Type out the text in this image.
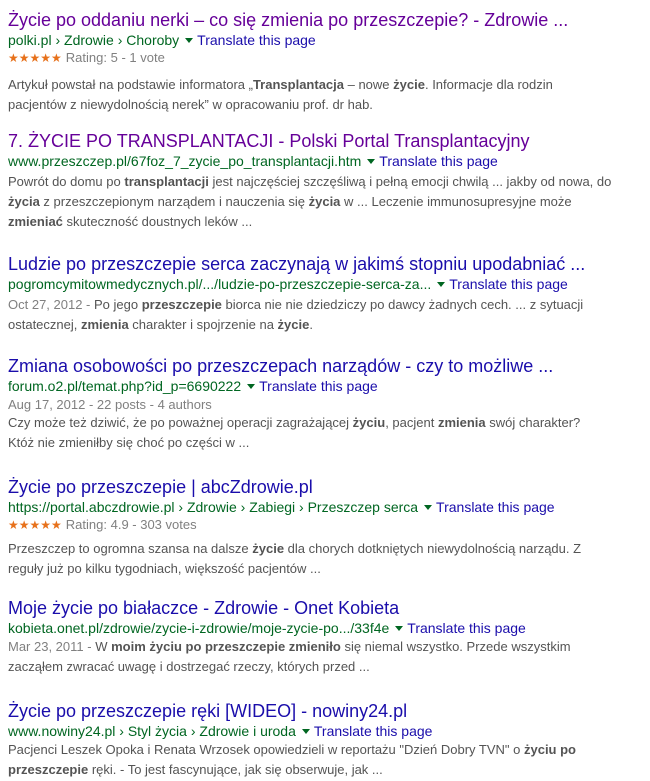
Życie po oddaniu nerki – co się zmienia po przeszczepie? - Zdrowie ...
polki.pl › Zdrowie › Choroby Translate this page
★★★★★ Rating: 5 - 1 vote
Artykuł powstał na podstawie informatora „Transplantacja – nowe życie. Informacje dla rodzin pacjentów z niewydolnością nerek” w opracowaniu prof. dr hab.
7. ŻYCIE PO TRANSPLANTACJI - Polski Portal Transplantacyjny
www.przeszczep.pl/67foz_7_zycie_po_transplantacji.htm Translate this page
Powrót do domu po transplantacji jest najczęściej szczęśliwą i pełną emocji chwilą ... jakby od nowa, do życia z przeszczepionym narządem i nauczenia się życia w ... Leczenie immunosupresyjne może zmieniać skuteczność doustnych leków ...
Ludzie po przeszczepie serca zaczynają w jakimś stopniu upodabniać ...
pogromcymitowmedycznych.pl/.../ludzie-po-przeszczepie-serca-za... Translate this page
Oct 27, 2012 - Po jego przeszczepie biorca nie nie dziedziczy po dawcy żadnych cech. ... z sytuacji ostatecznej, zmienia charakter i spojrzenie na życie.
Zmiana osobowości po przeszczepach narządów - czy to możliwe ...
forum.o2.pl/temat.php?id_p=6690222 Translate this page
Aug 17, 2012 - 22 posts - 4 authors
Czy może też dziwić, że po poważnej operacji zagrażającej życiu, pacjent zmienia swój charakter? Któż nie zmieniłby się choć po części w ...
Życie po przeszczepie | abcZdrowie.pl
https://portal.abczdrowie.pl › Zdrowie › Zabiegi › Przeszczep serca Translate this page
★★★★★ Rating: 4.9 - 303 votes
Przeszczep to ogromna szansa na dalsze życie dla chorych dotkniętych niewydolnością narządu. Z reguły już po kilku tygodniach, większość pacjentów ...
Moje życie po białaczce - Zdrowie - Onet Kobieta
kobieta.onet.pl/zdrowie/zycie-i-zdrowie/moje-zycie-po.../33f4e Translate this page
Mar 23, 2011 - W moim życiu po przeszczepie zmieniło się niemal wszystko. Przede wszystkim zacząłem zwracać uwagę i dostrzegać rzeczy, których przed ...
Życie po przeszczepie ręki [WIDEO] - nowiny24.pl
www.nowiny24.pl › Styl życia › Zdrowie i uroda Translate this page
Pacjenci Leszek Opoka i Renata Wrzosek opowiedzieli w reportażu "Dzień Dobry TVN" o życiu po przeszczepie ręki. - To jest fascynujące, jak się obserwuje, jak ...
